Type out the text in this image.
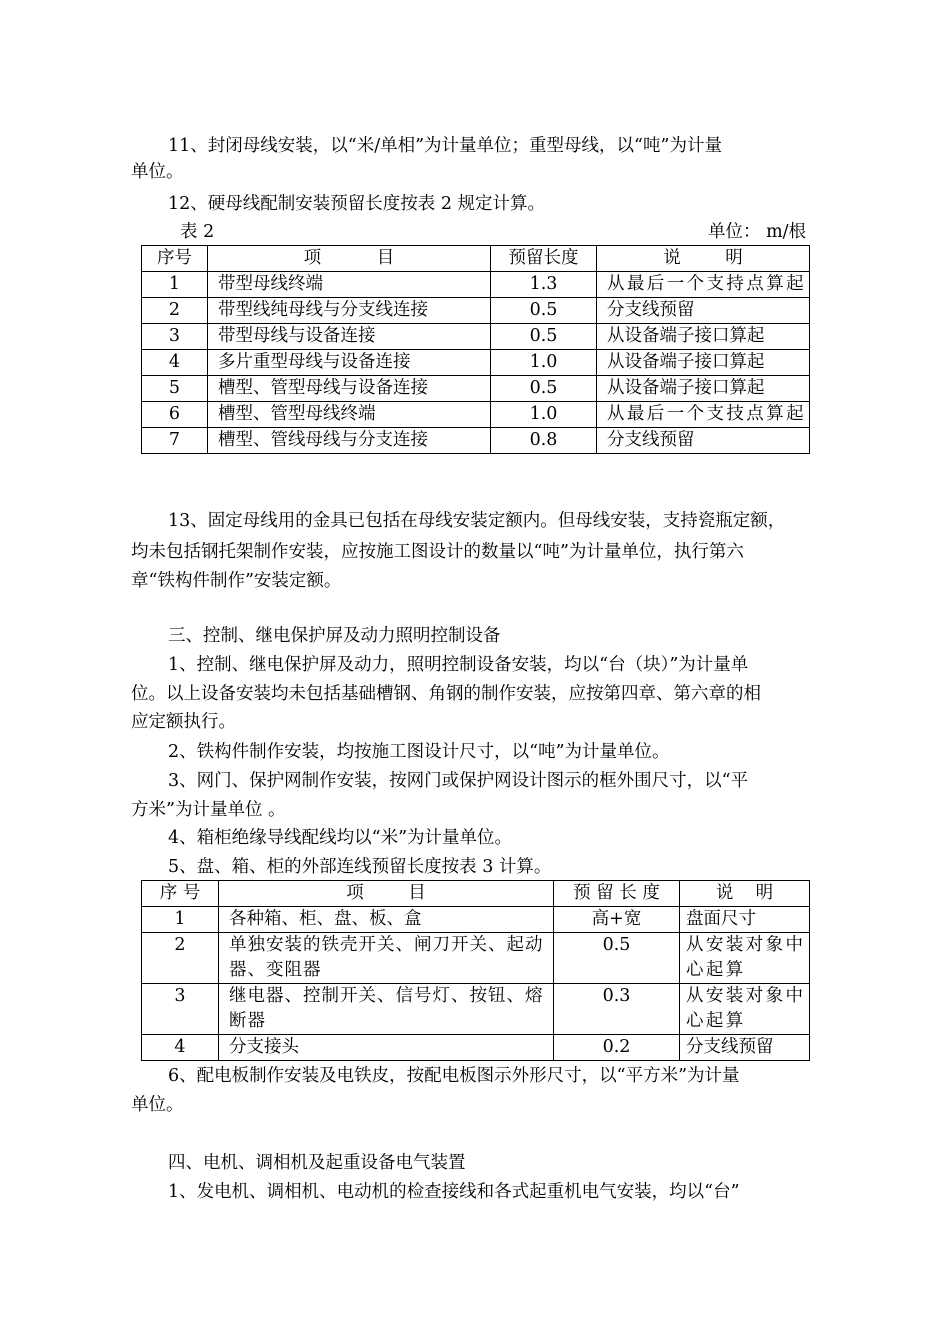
11、封闭母线安装，以“米/单相”为计量单位；重型母线，以“吨”为计量
单位。
12、硬母线配制安装预留长度按表 2 规定计算。
表 2	单位： m/根
序号	项          目	预留长度	说        明
1	带型母线终端	1.3	从最后一个支持点算起
2	带型线纯母线与分支线连接	0.5	分支线预留
3	带型母线与设备连接	0.5	从设备端子接口算起
4	多片重型母线与设备连接	1.0	从设备端子接口算起
5	槽型、管型母线与设备连接	0.5	从设备端子接口算起
6	槽型、管型母线终端	1.0	从最后一个支技点算起
7	槽型、管线母线与分支连接	0.8	分支线预留
13、固定母线用的金具已包括在母线安装定额内。但母线安装，支持瓷瓶定额，
均未包括钢托架制作安装，应按施工图设计的数量以“吨”为计量单位，执行第六
章“铁构件制作”安装定额。
三、控制、继电保护屏及动力照明控制设备
1、控制、继电保护屏及动力，照明控制设备安装，均以“台（块）”为计量单
位。以上设备安装均未包括基础槽钢、角钢的制作安装，应按第四章、第六章的相
应定额执行。
2、铁构件制作安装，均按施工图设计尺寸，以“吨”为计量单位。
3、网门、保护网制作安装，按网门或保护网设计图示的框外围尺寸，以“平
方米”为计量单位 。
4、箱柜绝缘导线配线均以“米”为计量单位。
5、盘、箱、柜的外部连线预留长度按表 3 计算。
序 号	项        目	预 留 长 度	说    明
1	各种箱、柜、盘、板、盒	高+宽	盘面尺寸
2	单独安装的铁壳开关、闸刀开关、起动器、变阻器	0.5	从安装对象中心起算
3	继电器、控制开关、信号灯、按钮、熔断器	0.3	从安装对象中心起算
4	分支接头	0.2	分支线预留
6、配电板制作安装及电铁皮，按配电板图示外形尺寸，以“平方米”为计量
单位。
四、电机、调相机及起重设备电气装置
1、发电机、调相机、电动机的检查接线和各式起重机电气安装，均以“台”
